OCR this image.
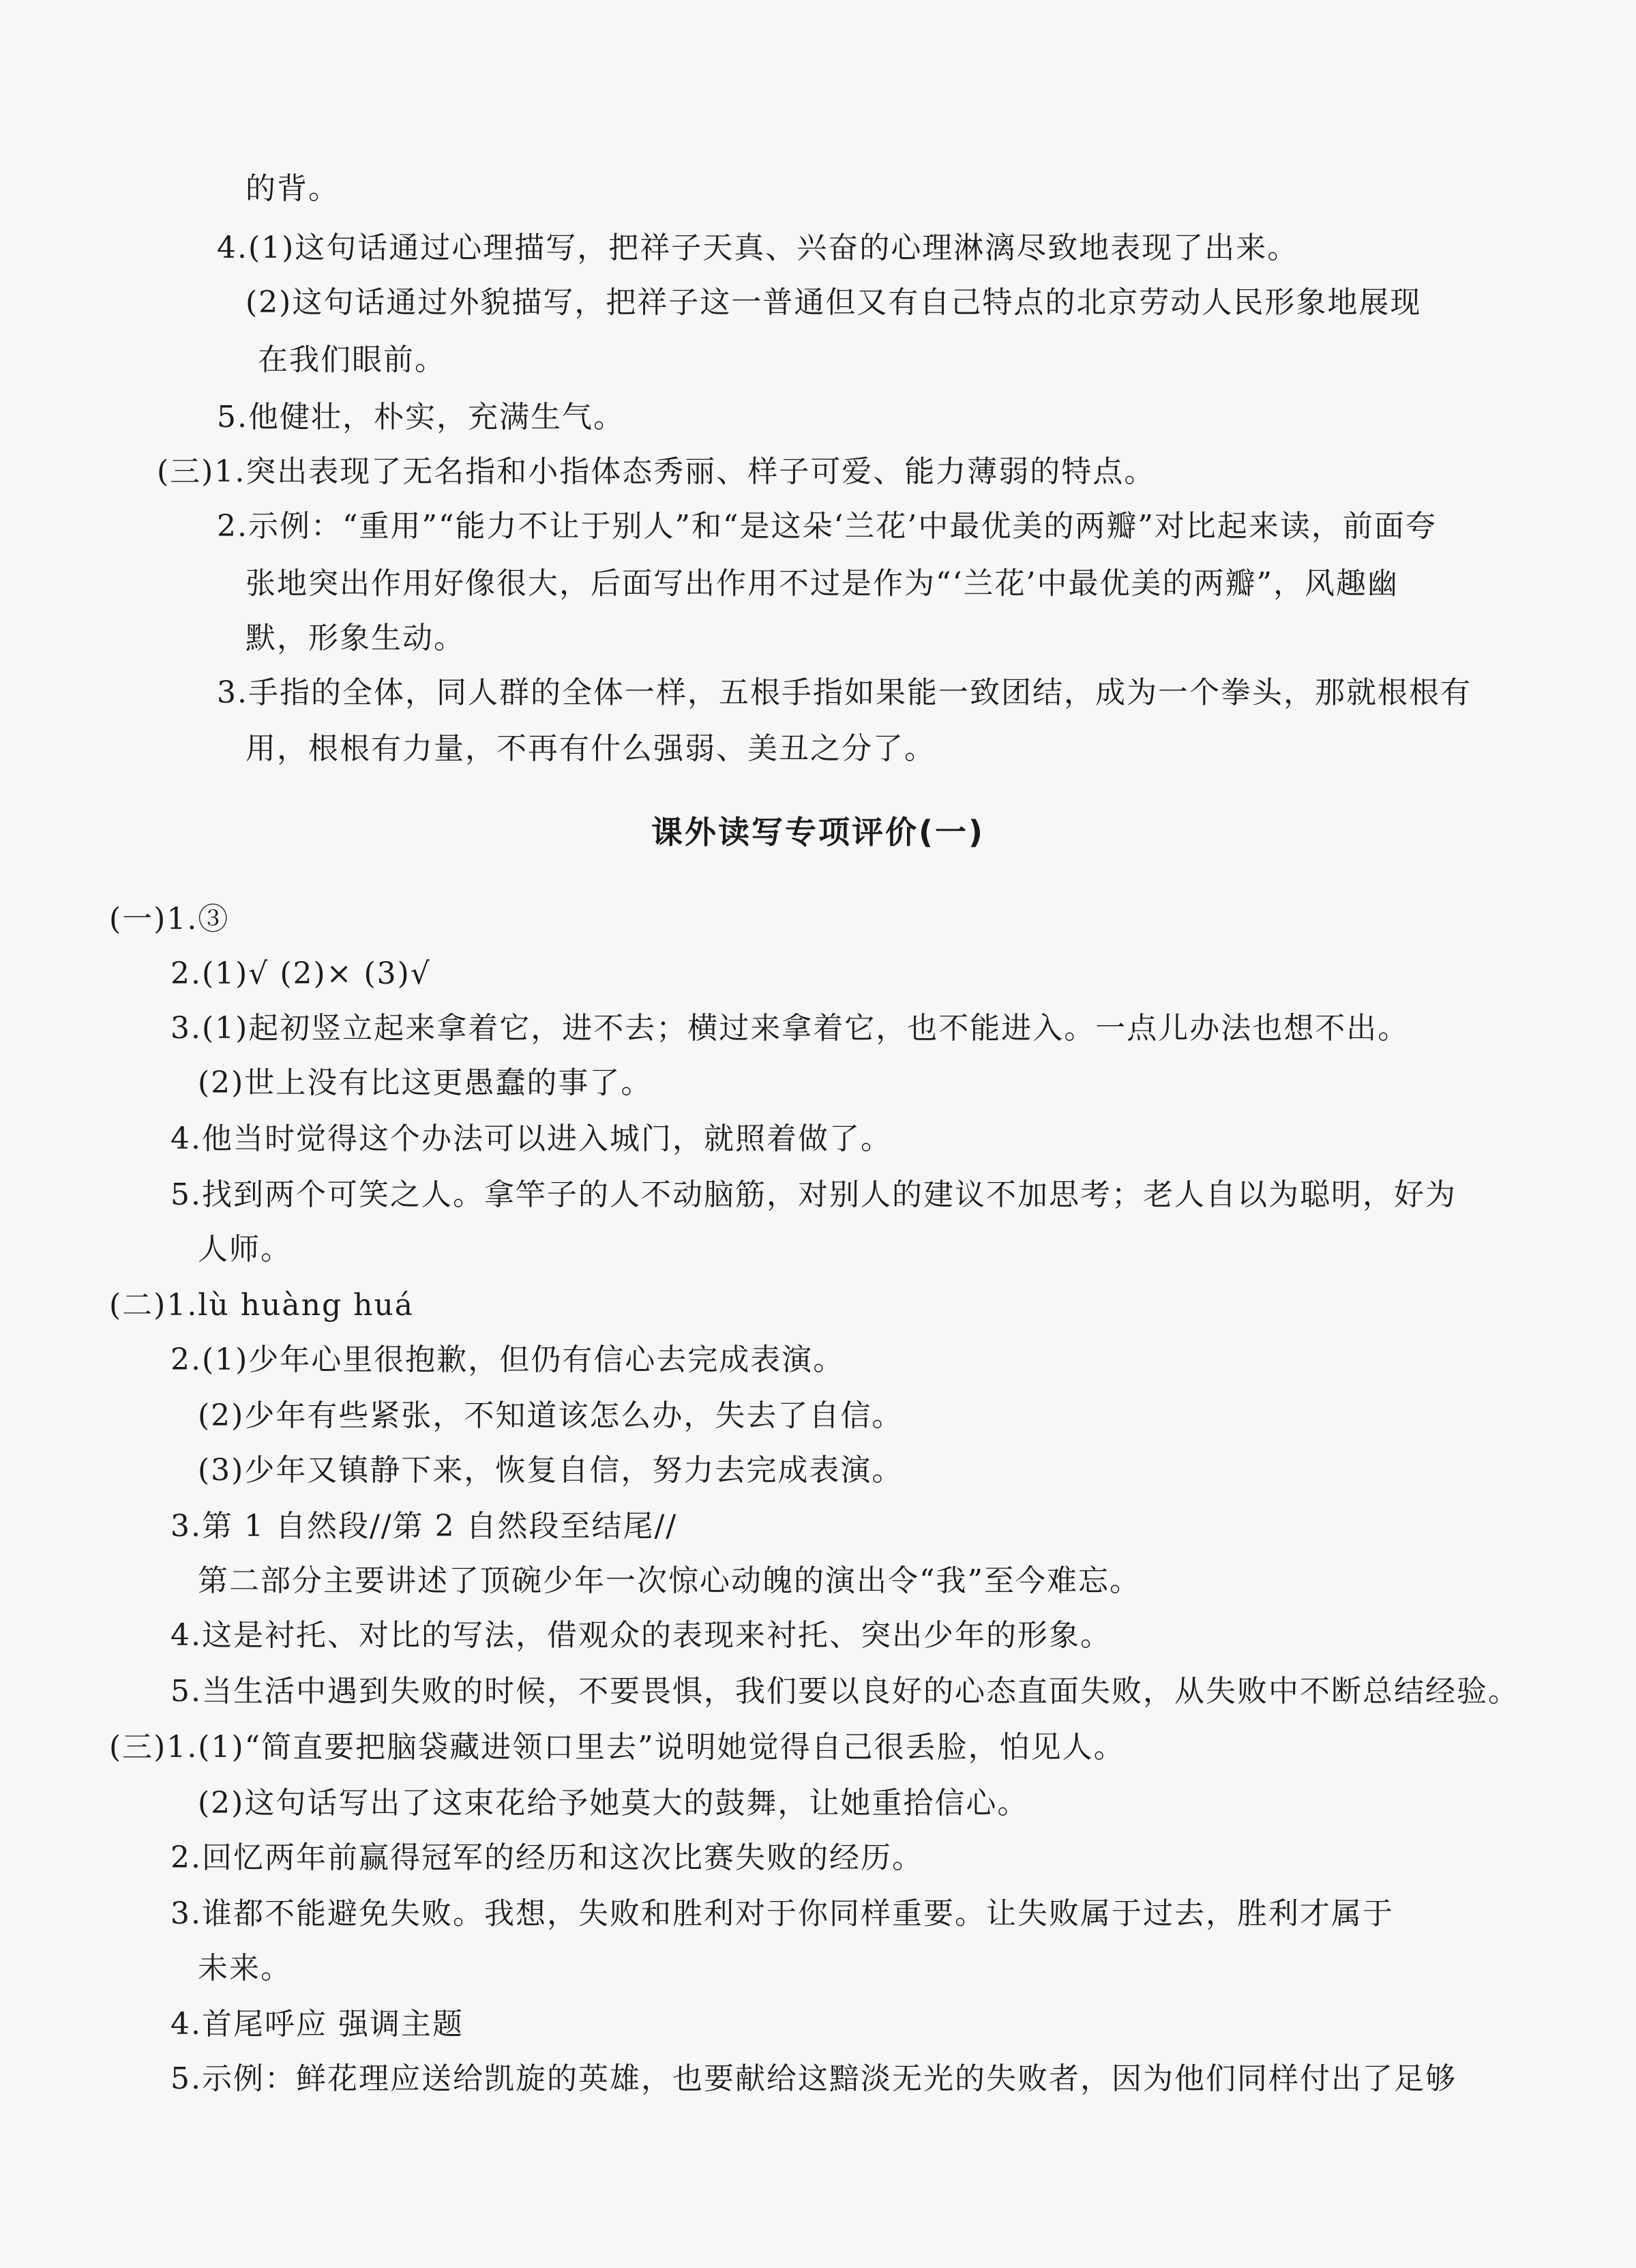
的背。
4.(1)这句话通过心理描写，把祥子天真、兴奋的心理淋漓尽致地表现了出来。
(2)这句话通过外貌描写，把祥子这一普通但又有自己特点的北京劳动人民形象地展现
在我们眼前。
5.他健壮，朴实，充满生气。
(三)1.突出表现了无名指和小指体态秀丽、样子可爱、能力薄弱的特点。
2.示例：“重用”“能力不让于别人”和“是这朵‘兰花’中最优美的两瓣”对比起来读，前面夸
张地突出作用好像很大，后面写出作用不过是作为“‘兰花’中最优美的两瓣”，风趣幽
默，形象生动。
3.手指的全体，同人群的全体一样，五根手指如果能一致团结，成为一个拳头，那就根根有
用，根根有力量，不再有什么强弱、美丑之分了。
课外读写专项评价(一)
(一)1.③
2.(1)√ (2)× (3)√
3.(1)起初竖立起来拿着它，进不去；横过来拿着它，也不能进入。一点儿办法也想不出。
(2)世上没有比这更愚蠢的事了。
4.他当时觉得这个办法可以进入城门，就照着做了。
5.找到两个可笑之人。拿竿子的人不动脑筋，对别人的建议不加思考；老人自以为聪明，好为
人师。
(二)1.lù huàng huá
2.(1)少年心里很抱歉，但仍有信心去完成表演。
(2)少年有些紧张，不知道该怎么办，失去了自信。
(3)少年又镇静下来，恢复自信，努力去完成表演。
3.第 1 自然段//第 2 自然段至结尾//
第二部分主要讲述了顶碗少年一次惊心动魄的演出令“我”至今难忘。
4.这是衬托、对比的写法，借观众的表现来衬托、突出少年的形象。
5.当生活中遇到失败的时候，不要畏惧，我们要以良好的心态直面失败，从失败中不断总结经验。
(三)1.(1)“简直要把脑袋藏进领口里去”说明她觉得自己很丢脸，怕见人。
(2)这句话写出了这束花给予她莫大的鼓舞，让她重拾信心。
2.回忆两年前赢得冠军的经历和这次比赛失败的经历。
3.谁都不能避免失败。我想，失败和胜利对于你同样重要。让失败属于过去，胜利才属于
未来。
4.首尾呼应 强调主题
5.示例：鲜花理应送给凯旋的英雄，也要献给这黯淡无光的失败者，因为他们同样付出了足够
